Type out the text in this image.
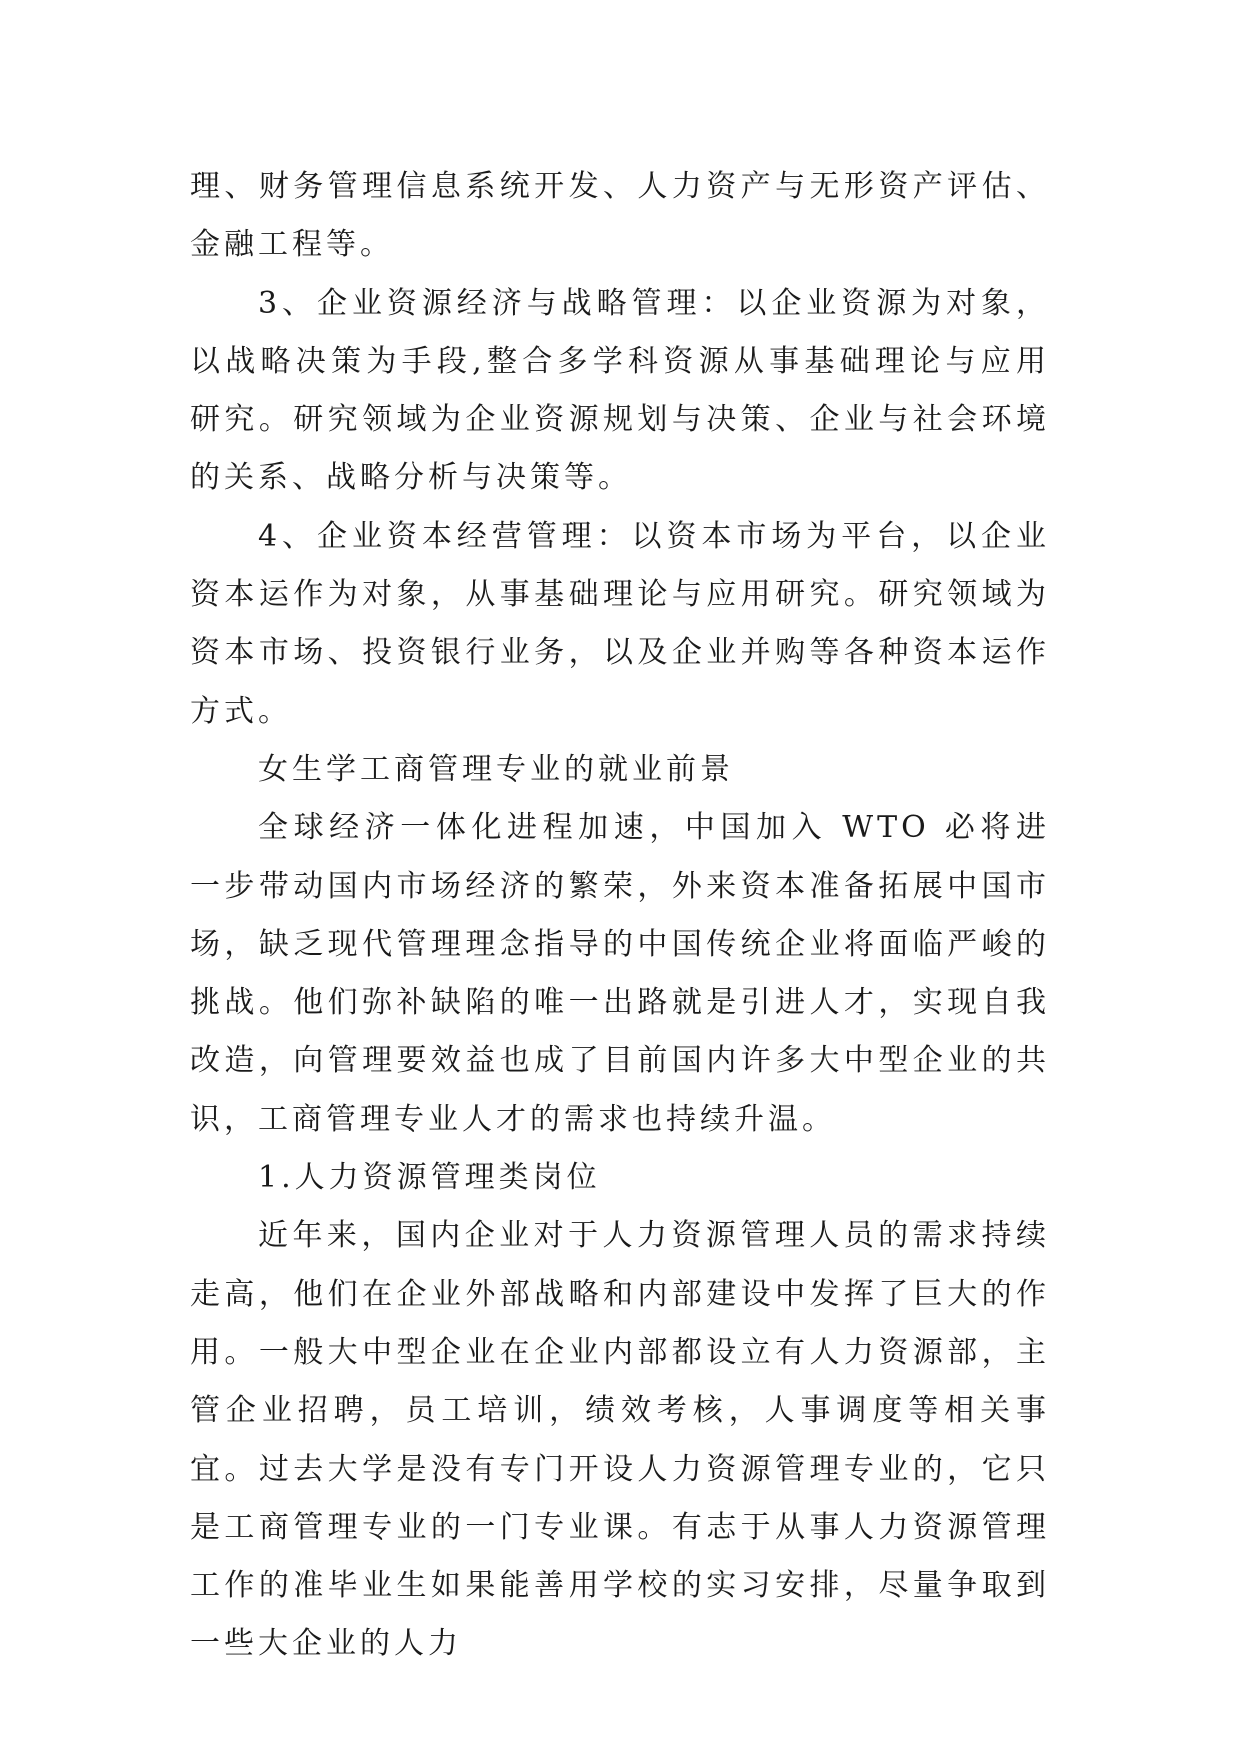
理、财务管理信息系统开发、人力资产与无形资产评估、金融工程等。

3、企业资源经济与战略管理：以企业资源为对象，以战略决策为手段,整合多学科资源从事基础理论与应用研究。研究领域为企业资源规划与决策、企业与社会环境的关系、战略分析与决策等。

4、企业资本经营管理：以资本市场为平台，以企业资本运作为对象，从事基础理论与应用研究。研究领域为资本市场、投资银行业务，以及企业并购等各种资本运作方式。

女生学工商管理专业的就业前景

全球经济一体化进程加速，中国加入 WTO 必将进一步带动国内市场经济的繁荣，外来资本准备拓展中国市场，缺乏现代管理理念指导的中国传统企业将面临严峻的挑战。他们弥补缺陷的唯一出路就是引进人才，实现自我改造，向管理要效益也成了目前国内许多大中型企业的共识，工商管理专业人才的需求也持续升温。

1.人力资源管理类岗位

近年来，国内企业对于人力资源管理人员的需求持续走高，他们在企业外部战略和内部建设中发挥了巨大的作用。一般大中型企业在企业内部都设立有人力资源部，主管企业招聘，员工培训，绩效考核，人事调度等相关事宜。过去大学是没有专门开设人力资源管理专业的，它只是工商管理专业的一门专业课。有志于从事人力资源管理工作的准毕业生如果能善用学校的实习安排，尽量争取到一些大企业的人力
